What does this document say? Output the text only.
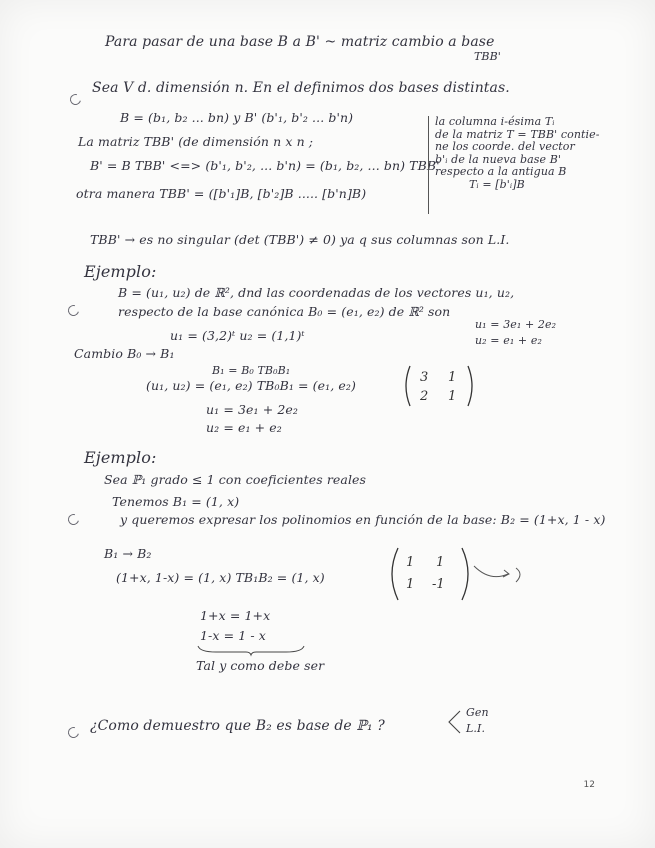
Para pasar de una base B a B' ~ matriz cambio a base
TBB'
Sea V d. dimensión n. En el definimos dos bases distintas.
B = (b₁, b₂ ... bn) y B' (b'₁, b'₂ ... b'n)
La matriz TBB' (de dimensión n x n ;
B' = B TBB' <=> (b'₁, b'₂, ... b'n) = (b₁, b₂, ... bn) TBB'
otra manera TBB' = ([b'₁]B, [b'₂]B ..... [b'n]B)
la columna i-ésima Tᵢ
de la matriz T = TBB' contie-
ne los coorde. del vector
b'ᵢ de la nueva base B'
respecto a la antigua B
Tᵢ = [b'ᵢ]B
TBB' → es no singular (det (TBB') ≠ 0) ya q sus columnas son L.I.
Ejemplo:
B = (u₁, u₂) de ℝ², dnd las coordenadas de los vectores u₁, u₂,
respecto de la base canónica B₀ = (e₁, e₂) de ℝ² son
u₁ = (3,2)ᵗ u₂ = (1,1)ᵗ
u₁ = 3e₁ + 2e₂
u₂ = e₁ + e₂
Cambio B₀ → B₁
B₁ = B₀ TB₀B₁
(u₁, u₂) = (e₁, e₂) TB₀B₁ = (e₁, e₂)
3 1
2 1
u₁ = 3e₁ + 2e₂
u₂ = e₁ + e₂
Ejemplo:
Sea ℙ₁ grado ≤ 1 con coeficientes reales
Tenemos B₁ = (1, x)
y queremos expresar los polinomios en función de la base: B₂ = (1+x, 1 - x)
B₁ → B₂
(1+x, 1-x) = (1, x) TB₁B₂ = (1, x)
1 1
1 -1
1+x = 1+x
1-x = 1 - x
Tal y como debe ser
¿Como demuestro que B₂ es base de ℙ₁ ?
Gen
L.I.
12
